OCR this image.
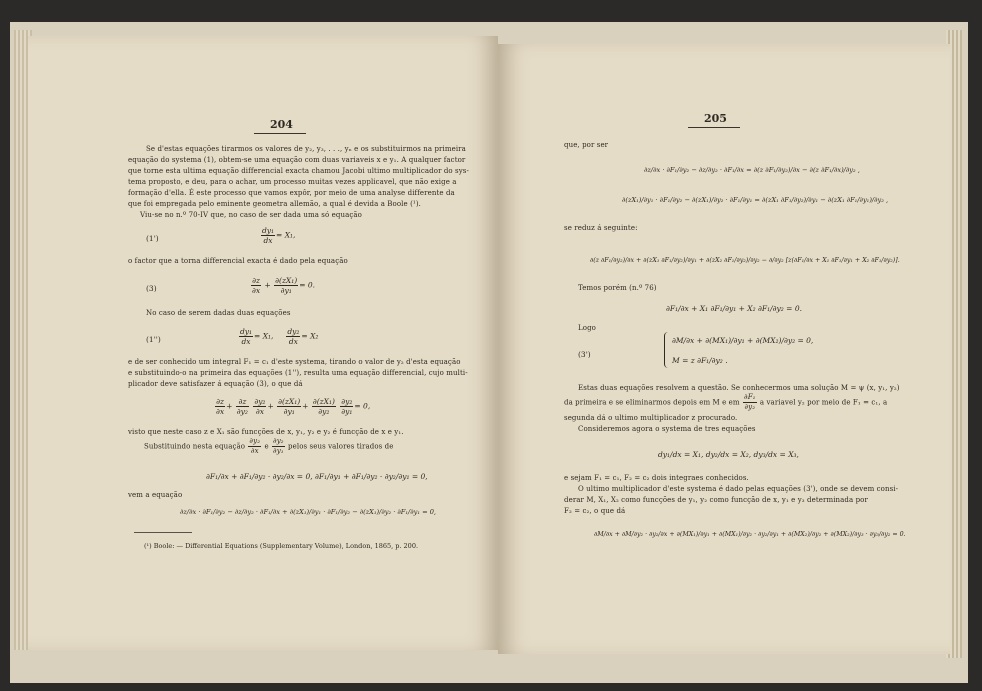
204
Se d'estas equações tirarmos os valores de y₂, y₃, . . ., yₙ e os substituirmos na primeira
equação do systema (1), obtem-se uma equação com duas variaveis x e y₁. A qualquer factor
que torne esta ultima equação differencial exacta chamou Jacobi ultimo multiplicador do sys-
tema proposto, e deu, para o achar, um processo muitas vezes applicavel, que não exige a
formação d'ella. É este processo que vamos expôr, por meio de uma analyse differente da
que foi empregada pelo eminente geometra allemão, a qual é devida a Boole (¹).
Viu-se no n.º 70-IV que, no caso de ser dada uma só equação
(1')	$\frac{\text{dy₁}}{dx} = X_1$,
o factor que a torna differencial exacta é dado pela equação
(3)	$\frac{\partial z}{\partial x} + \frac{\text{∂(zX₁)}}{\text{∂y₁}} = 0$.
No caso de serem dadas duas equações
(1'')	$\frac{\text{dy₁}}{dx} = X_1$, $\frac{\text{dy₂}}{dx} = X_2$
e de ser conhecido um integral F₁ = c₁ d'este systema, tirando o valor de y₂ d'esta equação
e substituindo-o na primeira das equações (1''), resulta uma equação differencial, cujo multi-
plicador deve satisfazer á equação (3), o que dá
$\frac{\partial z}{\partial x} + \frac{\partial z}{\text{∂y₂}}$
$\frac{\text{∂y₂}}{\partial x} + \frac{\text{∂(zX₁)}}{\text{∂y₁}} + \frac{\text{∂(zX₁)}}{\text{∂y₂}}$
$\frac{\text{∂y₂}}{\text{∂y₁}} = 0$,
visto que neste caso z e X₁ são funcções de x, y₁, y₂ e y₂ é funcção de x e y₁.
Substituindo nesta equação $\frac{\text{∂y₂}}{\partial x}$ e $\frac{\text{∂y₂}}{\text{∂y₁}}$ pelos seus valores tirados de
∂F₁/∂x + ∂F₁/∂y₂ · ∂y₂/∂x = 0, ∂F₁/∂y₁ + ∂F₁/∂y₂ · ∂y₂/∂y₁ = 0,
vem a equação
∂z/∂x · ∂F₁/∂y₂ − ∂z/∂y₂ · ∂F₁/∂x + ∂(zX₁)/∂y₁ · ∂F₁/∂y₂ − ∂(zX₁)/∂y₂ · ∂F₁/∂y₁ = 0,
(¹) Boole: — Differential Equations (Supplementary Volume), London, 1865, p. 200.
205
que, por ser
∂z/∂x · ∂F₁/∂y₂ − ∂z/∂y₂ · ∂F₁/∂x = ∂(z ∂F₁/∂y₂)/∂x − ∂(z ∂F₁/∂x)/∂y₂ ,
∂(zX₁)/∂y₁ · ∂F₁/∂y₂ − ∂(zX₁)/∂y₂ · ∂F₁/∂y₁ = ∂(zX₁ ∂F₁/∂y₂)/∂y₁ − ∂(zX₁ ∂F₁/∂y₁)/∂y₂ ,
se reduz á seguinte:
∂(z ∂F₁/∂y₂)/∂x + ∂(zX₁ ∂F₁/∂y₂)/∂y₁ + ∂(zX₂ ∂F₁/∂y₂)/∂y₂ − ∂/∂y₂ [z(∂F₁/∂x + X₁ ∂F₁/∂y₁ + X₂ ∂F₁/∂y₂)].
Temos porém (n.º 76)
∂F₁/∂x + X₁ ∂F₁/∂y₁ + X₂ ∂F₁/∂y₂ = 0.
Logo
(3')
∂M/∂x + ∂(MX₁)/∂y₁ + ∂(MX₂)/∂y₂ = 0,
M = z ∂F₁/∂y₂ .
Estas duas equações resolvem a questão. Se conhecermos uma solução M = ψ (x, y₁, y₂)
da primeira e se eliminarmos depois em M e em $\frac{\text{∂F₁}}{\text{∂y₂}}$ a variavel y₂ por meio de F₁ = c₁, a
segunda dá o ultimo multiplicador z procurado.
Consideremos agora o systema de tres equações
dy₁/dx = X₁, dy₂/dx = X₂, dy₃/dx = X₃,
e sejam F₁ = c₁, F₂ = c₂ dois integraes conhecidos.
O ultimo multiplicador d'este systema é dado pelas equações (3'), onde se devem consi-
derar M, X₁, X₂ como funcções de y₁, y₂ como funcção de x, y₁ e y₃ determinada por
F₂ = c₂, o que dá
∂M/∂x + ∂M/∂y₂ · ∂y₂/∂x + ∂(MX₁)/∂y₁ + ∂(MX₁)/∂y₂ · ∂y₂/∂y₁ + ∂(MX₂)/∂y₂ + ∂(MX₂)/∂y₃ · ∂y₃/∂y₂ = 0.
